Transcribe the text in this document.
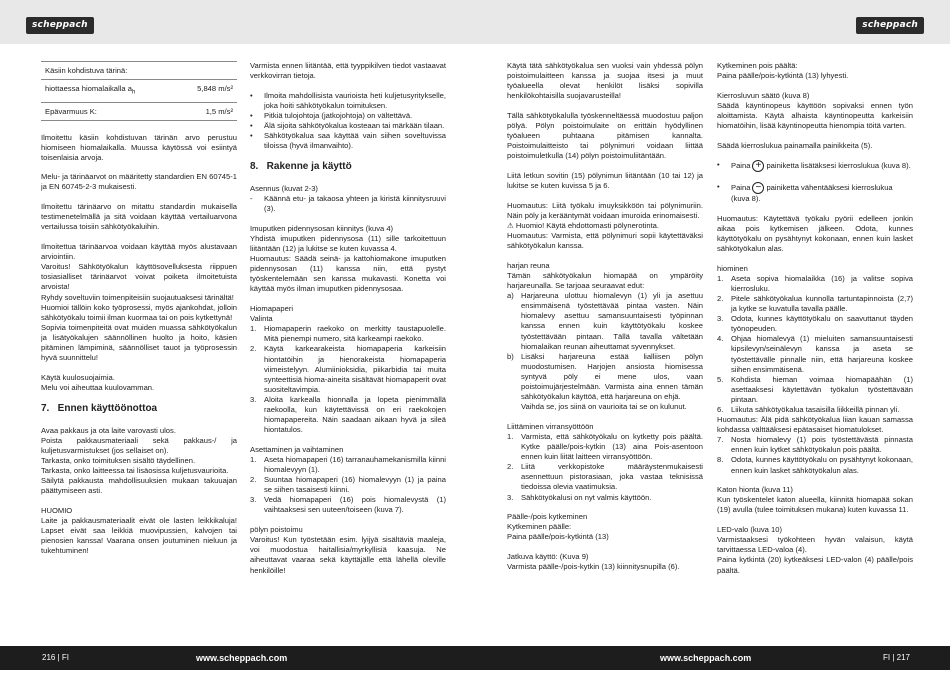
scheppach	scheppach
Käsiin kohdistuva tärinä:
hiottaessa hiomalaikalla $a_h$	5,848 m/s²
Epävarmuus K:	1,5 m/s²

Ilmoitettu käsiin kohdistuvan tärinän arvo perustuu hiomiseen hiomalaikalla. Muussa käytössä voi esiintyä toisenlaisia arvoja.

Melu- ja tärinäarvot on määritetty standardien EN 60745-1 ja EN 60745-2-3 mukaisesti.

Ilmoitettu tärinäarvo on mitattu standardin mukaisella testimenetelmällä ja sitä voidaan käyttää vertailuarvona vertailussa toisiin sähkötyökaluihin.

Ilmoitettua tärinäarvoa voidaan käyttää myös alustavaan arviointiin.
Varoitus! Sähkötyökalun käyttösovelluksesta riippuen tosiasialliset tärinäarvot voivat poiketa ilmoitetuista arvoista!
Ryhdy soveltuviin toimenpiteisiin suojautuaksesi tärinältä!
Huomioi tällöin koko työprosessi, myös ajankohdat, jolloin sähkötyökalu toimii ilman kuormaa tai on pois kytkettynä!
Sopivia toimenpiteitä ovat muiden muassa sähkötyökalun ja lisätyökalujen säännöllinen huolto ja hoito, käsien pitäminen lämpiminä, säännölliset tauot ja työprosessin hyvä suunnittelu!

Käytä kuulosuojaimia.
Melu voi aiheuttaa kuulovamman.

7.   Ennen käyttöönottoa

Avaa pakkaus ja ota laite varovasti ulos.
Poista pakkausmateriaali sekä pakkaus-/ ja kuljetusvarmistukset (jos sellaiset on).
Tarkasta, onko toimituksen sisältö täydellinen.
Tarkasta, onko laitteessa tai lisäosissa kuljetusvaurioita.
Säilytä pakkausta mahdollisuuksien mukaan takuuajan päättymiseen asti.

HUOMIO
Laite ja pakkausmateriaalit eivät ole lasten leikkikaluja! Lapset eivät saa leikkiä muovipussien, kalvojen tai pienosien kanssa! Vaarana onsen joutuminen nieluun ja tukehtuminen!

Varmista ennen liitäntää, että tyyppikilven tiedot vastaavat verkkovirran tietoja.

• Ilmoita mahdollisista vaurioista heti kuljetusyritykselle, joka hoiti sähkötyökalun toimituksen.
• Pitkiä tulojohtoja (jatkojohtoja) on vältettävä.
• Älä sijoita sähkötyökalua kosteaan tai märkään tilaan.
• Sähkötyökalua saa käyttää vain siihen soveltuvissa tiloissa (hyvä ilmanvaihto).
8.   Rakenne ja käyttö

Asennus (kuvat 2-3)

- Käännä etu- ja takaosa yhteen ja kiristä kiinnitysruuvi (3).

Imuputken pidennysosan kiinnitys (kuva 4)
Yhdistä imuputken pidennysosa (11) sille tarkoitettuun liitäntään (12) ja lukitse se kuten kuvassa 4.
Huomautus: Säädä seinä- ja kattohiomakone imuputken pidennysosan (11) kanssa niin, että pystyt työskentelemään sen kanssa mukavasti. Konetta voi käyttää myös ilman imuputken pidennysosaa.

Hiomapaperi
Valinta

1. Hiomapaperin raekoko on merkitty taustapuolelle. Mitä pienempi numero, sitä karkeampi raekoko.
2. Käytä karkearakeista hiomapaperia karkeisiin hiontatöihin ja hienorakeista hiomapaperia viimeistelyyn. Alumiinioksidia, piikarbidia tai muita synteettisiä hioma-aineita sisältävät hiomapaperit ovat suositeltavimpia.
3. Aloita karkealla hionnalla ja lopeta pienimmällä raekoolla, kun käytettävissä on eri raekokojen hiomapapereita. Näin saadaan aikaan hyvä ja sileä hiontatulos.

Asettaminen ja vaihtaminen

1. Aseta hiomapaperi (16) tarranauhamekanismilla kiinni hiomalevyyn (1).
2. Suuntaa hiomapaperi (16) hiomalevyyn (1) ja paina se siihen tasaisesti kiinni.
3. Vedä hiomapaperi (16) pois hiomalevystä (1) vaihtaaksesi sen uuteen/toiseen (kuva 7).

pölyn poistoimu
Varoitus! Kun työstetään esim. lyijyä sisältäviä maaleja, voi muodostua haitallisia/myrkyllisiä kaasuja. Ne aiheuttavat vaaraa sekä käyttäjälle että lähellä oleville henkilöille!

Käytä tätä sähkötyökalua sen vuoksi vain yhdessä pölyn poistoimulaitteen kanssa ja suojaa itsesi ja muut työalueella olevat henkilöt lisäksi sopivilla henkilökohtaisilla suojavarusteilla!

Tällä sähkötyökalulla työskenneltäessä muodostuu paljon pölyä. Pölyn poistoimulaite on erittäin hyödyllinen työalueen puhtaana pitämisen kannalta. Poistoimulaitteisto tai pölynimuri voidaan liittää poistoimuletkulla (14) pölyn poistoimuliitäntään.

Liitä letkun sovitin (15) pölynimun liitäntään (10 tai 12) ja lukitse se kuten kuvissa 5 ja 6.

Huomautus: Liitä työkalu imuyksikköön tai pölynimuriin. Näin pöly ja kerääntymät voidaan imuroida erinomaisesti.
⚠ Huomio! Käytä ehdottomasti pölynerotinta.
Huomautus: Varmista, että pölynimuri sopii käytettäväksi sähkötyökalun kanssa.

harjan reuna
Tämän sähkötyökalun hiomapää on ympäröity harjareunalla. Se tarjoaa seuraavat edut:

a) Harjareuna ulottuu hiomalevyn (1) yli ja asettuu ensimmäisenä työstettävää pintaa vasten. Näin hiomalevy asettuu samansuuntaisesti työpinnan kanssa ennen kuin käyttötyökalu koskee työstettävään pintaan. Tällä tavalla vältetään hiomalaikan reunan aiheuttamat syvennykset.
b) Lisäksi harjareuna estää lialliisen pölyn muodostumisen. Harjojen ansiosta hiomisessa syntyvä pöly ei mene ulos, vaan poistoimujärjestelmään. Varmista aina ennen tämän sähkötyökalun käyttöä, että harjareuna on ehjä.
Vaihda se, jos siinä on vaurioita tai se on kulunut.

Liittäminen virransyöttöön

1. Varmista, että sähkötyökalu on kytketty pois päältä. Kytke päälle/pois-kytkin (13) aina Pois-asentoon ennen kuin liität laitteen virransyöttöön.
2. Liitä verkkopistoke määräystenmukaisesti asennettuun pistorasiaan, joka vastaa teknisissä tiedoissa olevia vaatimuksia.
3. Sähkötyökalusi on nyt valmis käyttöön.

Päälle-/pois kytkeminen
Kytkeminen päälle:
Paina päälle/pois-kytkintä (13)

Jatkuva käyttö: (Kuva 9)
Varmista päälle-/pois-kytkin (13) kiinnitysnupilla (6).

Kytkeminen pois päältä:
Paina päälle/pois-kytkintä (13) lyhyesti.

Kierrosluvun säätö (kuva 8)
Säädä käyntinopeus käyttöön sopivaksi ennen työn aloittamista. Käytä alhaista käyntinopeutta karkeisiin hiomatöihin, lisää käyntinopeutta hienompia töitä varten.

Säädä kierroslukua painamalla painikkeita (5).

•	Paina + painiketta lisätäksesi kierroslukua (kuva 8).
•	Paina − painiketta vähentääksesi kierroslukua (kuva 8).

Huomautus: Käytettävä työkalu pyörii edelleen jonkin aikaa pois kytkemisen jälkeen. Odota, kunnes käyttötyökalu on pysähtynyt kokonaan, ennen kuin lasket sähkötyökalun alas.

hiominen

1. Aseta sopiva hiomalaikka (16) ja valitse sopiva kierrosluku.
2. Pitele sähkötyökalua kunnolla tartuntapinnoista (2,7) ja kytke se kuvatulla tavalla päälle.
3. Odota, kunnes käyttötyökalu on saavuttanut täyden työnopeuden.
4. Ohjaa hiomalevyä (1) mieluiten samansuuntaisesti kipsilevyn/seinälevyn kanssa ja aseta se työstettävälle pinnalle niin, että harjareuna koskee siihen ensimmäisenä.
5. Kohdista hieman voimaa hiomapäähän (1) asettaaksesi käytettävän työkalun työstettävään pintaan.
6. Liikuta sähkötyökalua tasaisilla liikkeillä pinnan yli.

Huomautus: Älä pidä sähkötyökalua liian kauan samassa kohdassa välttääksesi epätasaiset hiomatulokset.

7. Nosta hiomalevy (1) pois työstettävästä pinnasta ennen kuin kytket sähkötyökalun pois päältä.
8. Odota, kunnes käyttötyökalu on pysähtynyt kokonaan, ennen kuin lasket sähkötyökalun alas.

Katon hionta (kuva 11)
Kun työskentelet katon alueella, kiinnitä hiomapää sokan (19) avulla (tulee toimituksen mukana) kuten kuvassa 11.

LED-valo (kuva 10)
Varmistaaksesi työkohteen hyvän valaisun, käytä tarvittaessa LED-valoa (4).
Paina kytkintä (20) kytkeäksesi LED-valon (4) päälle/pois päältä.

216 | FI	www.scheppach.com	www.scheppach.com	FI | 217
